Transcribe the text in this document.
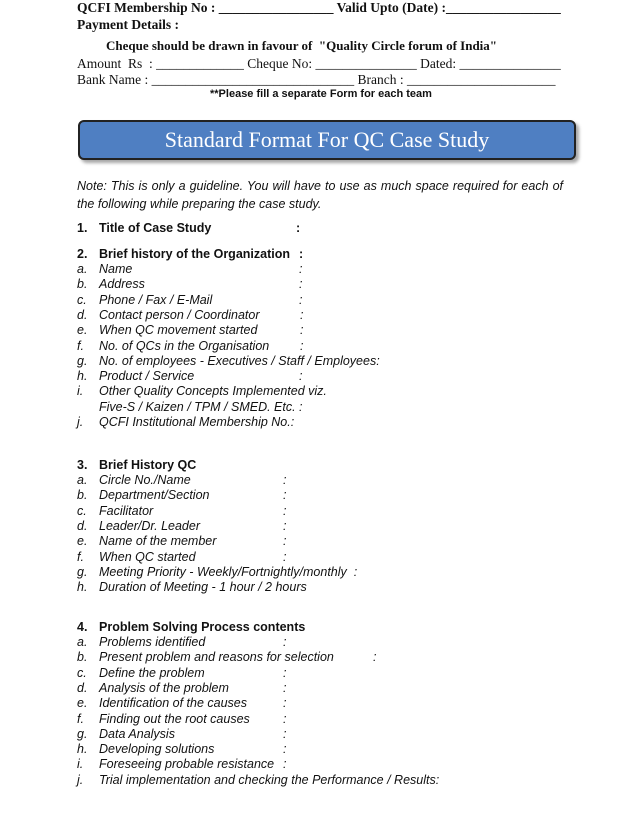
QCFI Membership No : _________________ Valid Upto (Date) :_________________
Payment Details :
Cheque should be drawn in favour of  "Quality Circle forum of India"
Amount  Rs  : _____________ Cheque No: _______________ Dated: _______________
Bank Name : ______________________________ Branch : ______________________
**Please fill a separate Form for each team
Standard Format For QC Case Study
Note: This is only a guideline. You will have to use as much space required for each of the following while preparing the case study.
1. Title of Case Study	:
2. Brief history of the Organization :
a. Name	:
b. Address	:
c. Phone / Fax / E-Mail	:
d. Contact person / Coordinator	:
e. When QC movement started	:
f. No. of QCs in the Organisation :
g. No. of employees - Executives / Staff / Employees:
h. Product / Service	:
i. Other Quality Concepts Implemented viz.
Five-S / Kaizen / TPM / SMED. Etc. :
j. QCFI Institutional Membership No.:
3. Brief History QC
a. Circle No./Name	:
b. Department/Section	:
c. Facilitator	:
d. Leader/Dr. Leader	:
e. Name of the member	:
f. When QC started	:
g. Meeting Priority - Weekly/Fortnightly/monthly  :
h. Duration of Meeting - 1 hour / 2 hours
4. Problem Solving Process contents
a. Problems identified	:
b. Present problem and reasons for selection	:
c. Define the problem	:
d. Analysis of the problem	:
e. Identification of the causes	:
f. Finding out the root causes	:
g. Data Analysis	:
h. Developing solutions	:
i. Foreseeing probable resistance :
j. Trial implementation and checking the Performance / Results:
